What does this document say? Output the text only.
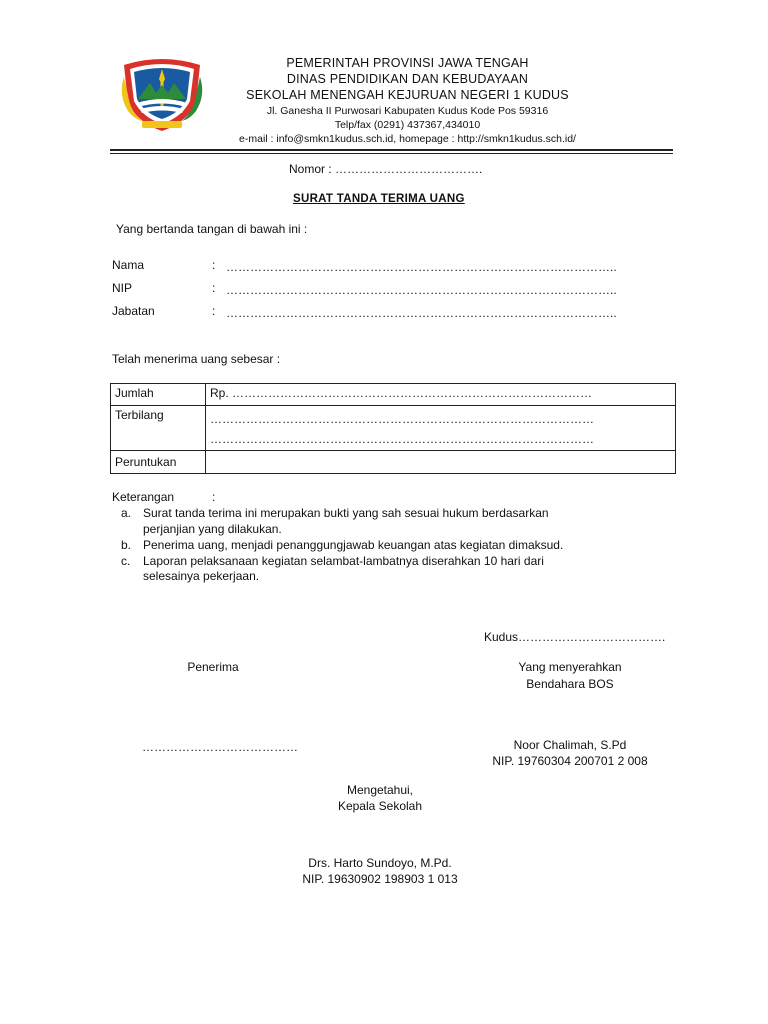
PEMERINTAH PROVINSI JAWA TENGAH
DINAS PENDIDIKAN DAN KEBUDAYAAN
SEKOLAH MENENGAH KEJURUAN NEGERI 1 KUDUS
Jl. Ganesha II Purwosari Kabupaten Kudus Kode Pos 59316
Telp/fax (0291) 437367,434010
e-mail : info@smkn1kudus.sch.id, homepage : http://smkn1kudus.sch.id/
Nomor : ……………………………….
SURAT TANDA TERIMA UANG
Yang bertanda tangan di bawah ini :
Nama	: ……………………………………………………………………………………..
NIP	: ……………………………………………………………………………………..
Jabatan	: ……………………………………………………………………………………..
Telah menerima uang sebesar :
Jumlah	Rp. ………………………………………………………………………………
Terbilang	……………………………………………………………………………………
……………………………………………………………………………………

Peruntukan	
Keterangan	:
a. Surat tanda terima ini merupakan bukti yang sah sesuai hukum berdasarkan
perjanjian yang dilakukan.
b. Penerima uang, menjadi penanggungjawab keuangan atas kegiatan dimaksud.
c. Laporan pelaksanaan kegiatan selambat-lambatnya diserahkan 10 hari dari
selesainya pekerjaan.
Kudus……………………………….
Penerima	Yang menyerahkan
Bendahara BOS
…………………………………	Noor Chalimah, S.Pd
NIP. 19760304 200701 2 008
Mengetahui,
Kepala Sekolah
Drs. Harto Sundoyo, M.Pd.
NIP. 19630902 198903 1 013
